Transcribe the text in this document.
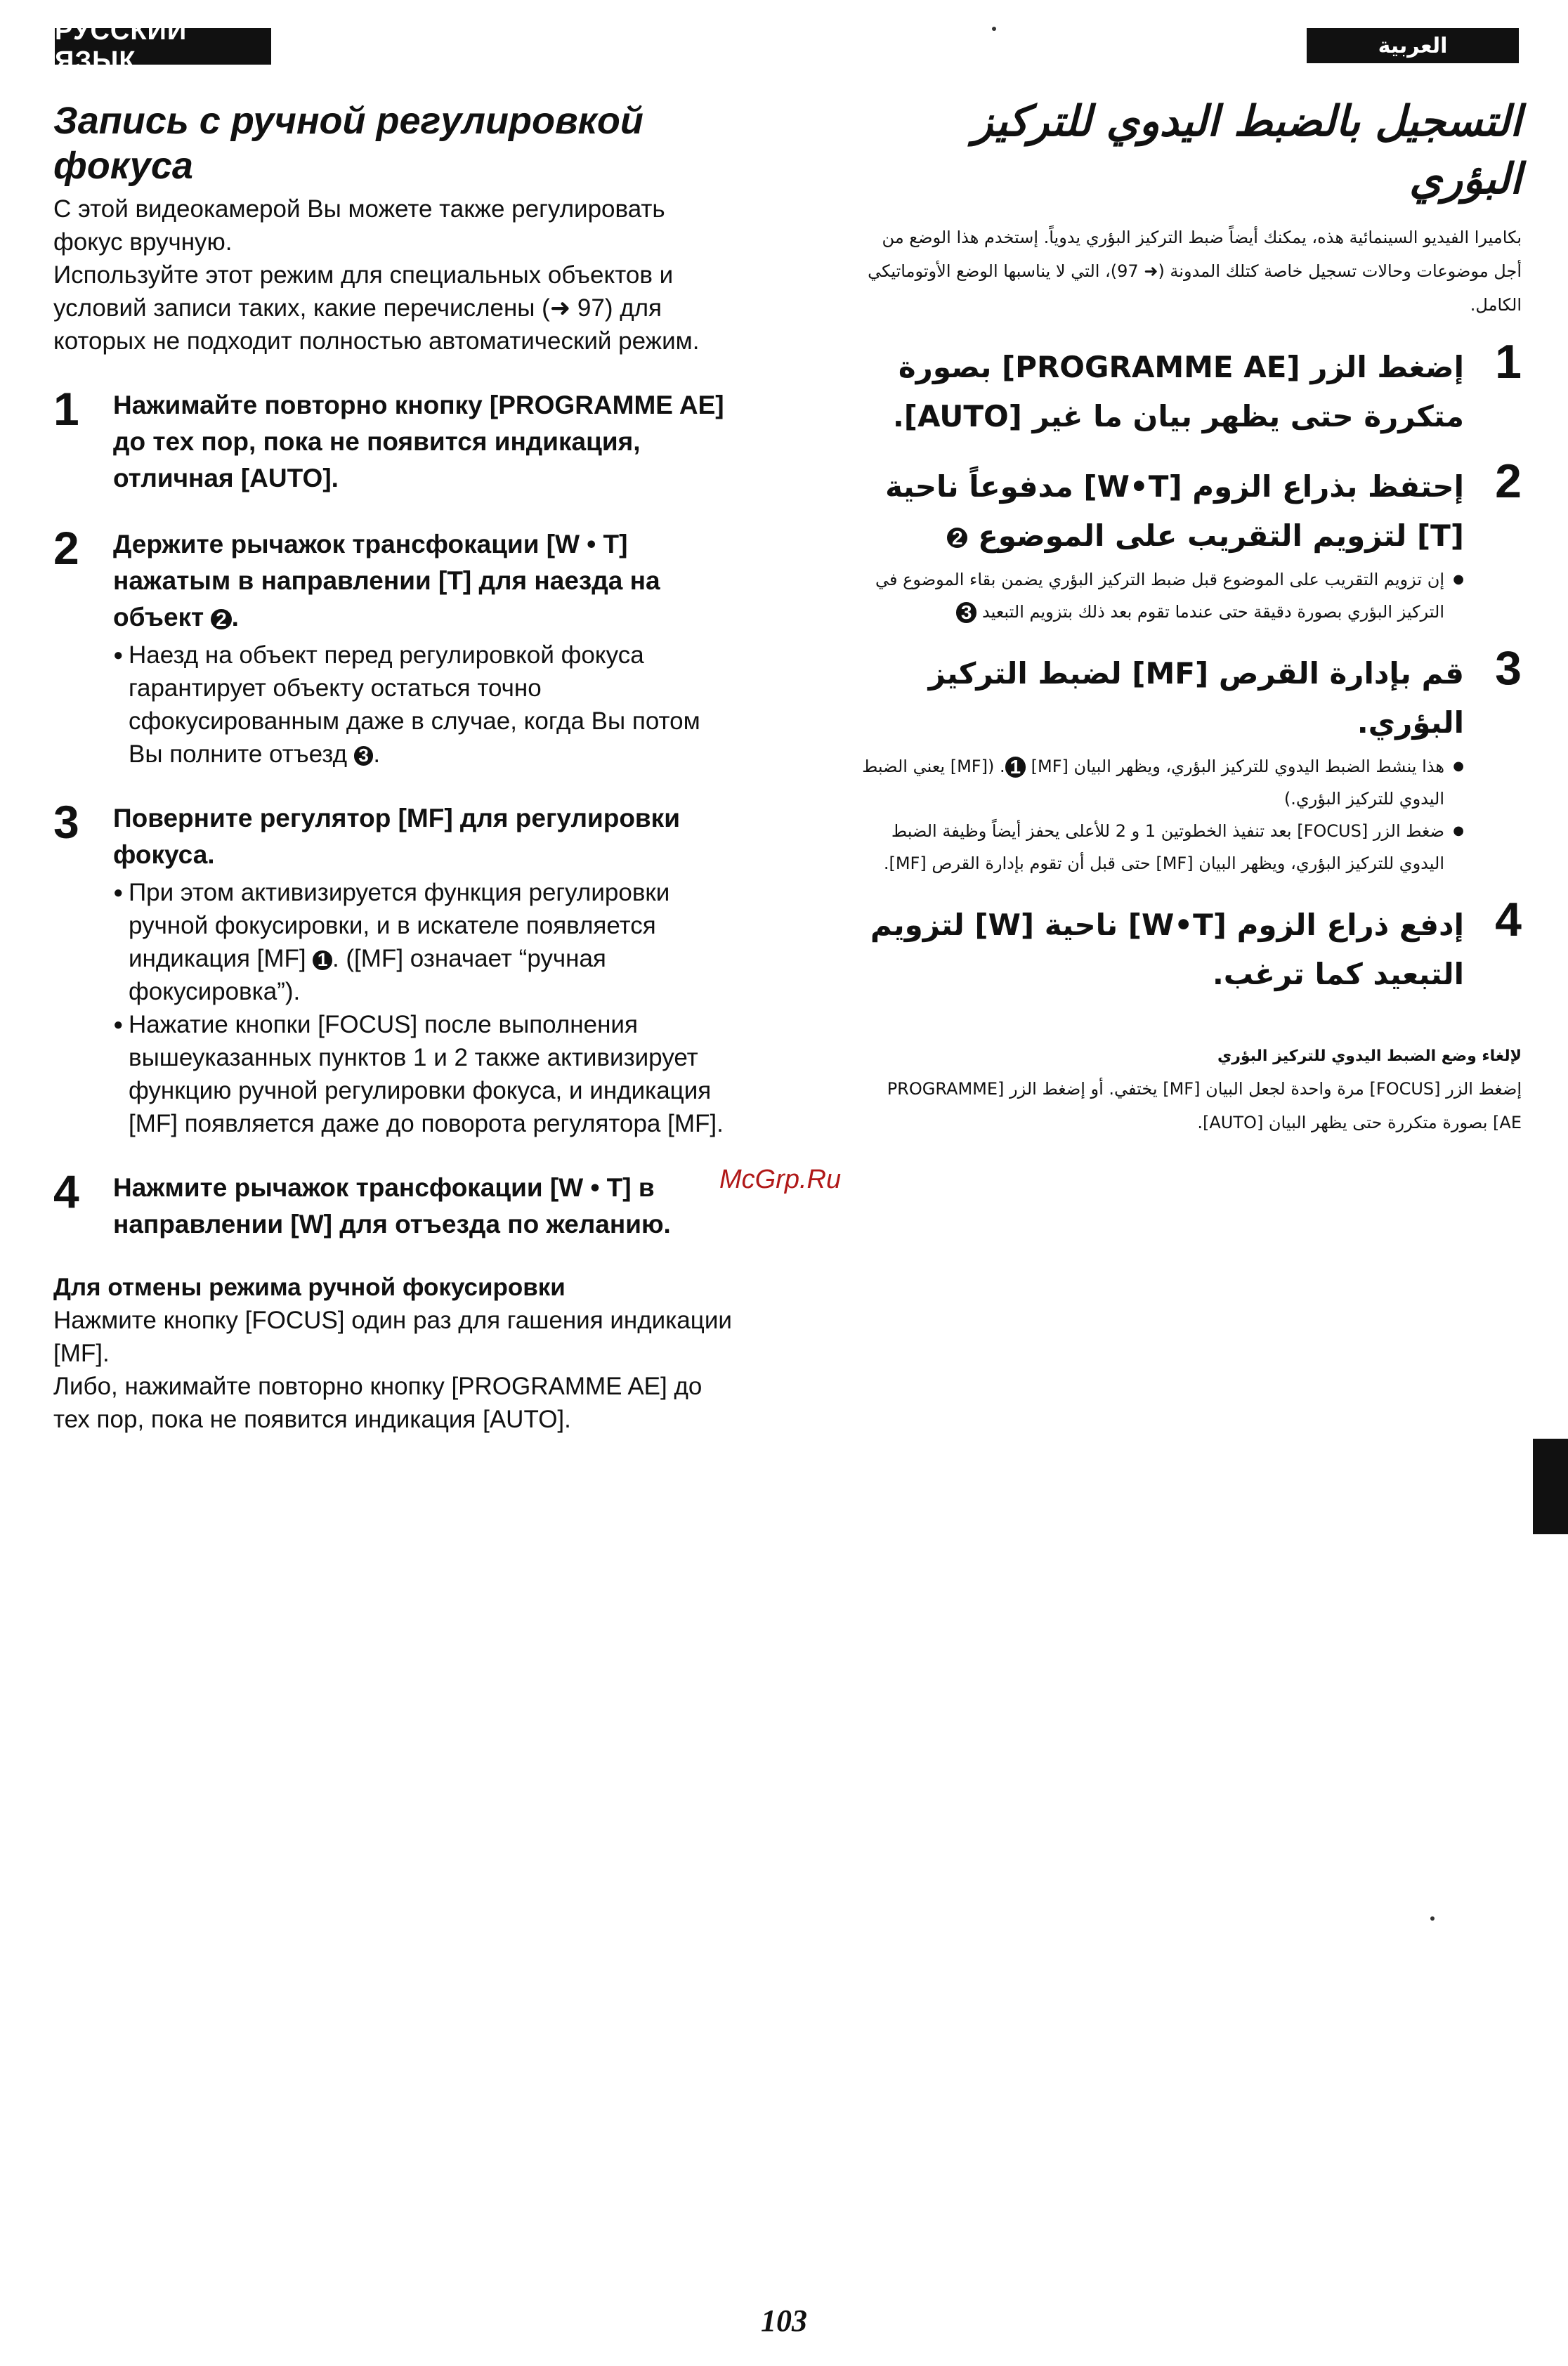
РУССКИЙ ЯЗЫК
العربية
Запись с ручной регулировкой фокуса

С этой видеокамерой Вы можете также регулировать фокус вручную.

Используйте этот режим для специальных объектов и условий записи таких, какие перечислены (➜ 97) для которых не подходит полностью автоматический режим.

1 Нажимайте повторно кнопку [PROGRAMME AE] до тех пор, пока не появится индикация, отличная [AUTO].

2 Держите рычажок трансфокации [W • T] нажатым в направлении [T] для наезда на объект 2 .

● Наезд на объект перед регулировкой фокуса гарантирует объекту остаться точно сфокусированным даже в случае, когда Вы потом Вы полните отъезд 3 .
3 Поверните регулятор [MF] для регулировки фокуса.

● При этом активизируется функция регулировки ручной фокусировки, и в искателе появляется индикация [MF] 1 . ([MF] означает “ручная фокусировка”).
● Нажатие кнопки [FOCUS] после выполнения вышеуказанных пунктов 1 и 2 также активизирует функцию ручной регулировки фокуса, и индикация [MF] появляется даже до поворота регулятора [MF].
4 Нажмите рычажок трансфокации [W • T] в направлении [W] для отъезда по желанию.

Для отмены режима ручной фокусировки

Нажмите кнопку [FOCUS] один раз для гашения индикации [MF].

Либо, нажимайте повторно кнопку [PROGRAMME AE] до тех пор, пока не появится индикация [AUTO].

التسجيل بالضبط اليدوي للتركيز البؤري

بكاميرا الفيديو السينمائية هذه، يمكنك أيضاً ضبط التركيز البؤري يدوياً. إستخدم هذا الوضع من أجل موضوعات وحالات تسجيل خاصة كتلك المدونة (➜ 97)، التي لا يناسبها الوضع الأوتوماتيكي الكامل.

1

إضغط الزر [PROGRAMME AE] بصورة متكررة حتى يظهر بيان ما غير [AUTO].

2

إحتفظ بذراع الزوم [W•T] مدفوعاً ناحية [T] لتزويم التقريب على الموضوع 2

● إن تزويم التقريب على الموضوع قبل ضبط التركيز البؤري يضمن بقاء الموضوع في التركيز البؤري بصورة دقيقة حتى عندما تقوم بعد ذلك بتزويم التبعيد 3
3

قم بإدارة القرص [MF] لضبط التركيز البؤري.

● هذا ينشط الضبط اليدوي للتركيز البؤري، ويظهر البيان [MF] 1. ([MF] يعني الضبط اليدوي للتركيز البؤري.)
● ضغط الزر [FOCUS] بعد تنفيذ الخطوتين 1 و 2 للأعلى يحفز أيضاً وظيفة الضبط اليدوي للتركيز البؤري، ويظهر البيان [MF] حتى قبل أن تقوم بإدارة القرص [MF].
4

إدفع ذراع الزوم [W•T] ناحية [W] لتزويم التبعيد كما ترغب.

لإلغاء وضع الضبط اليدوي للتركيز البؤري

إضغط الزر [FOCUS] مرة واحدة لجعل البيان [MF] يختفي. أو إضغط الزر [PROGRAMME AE] بصورة متكررة حتى يظهر البيان [AUTO].

McGrp.Ru
103
